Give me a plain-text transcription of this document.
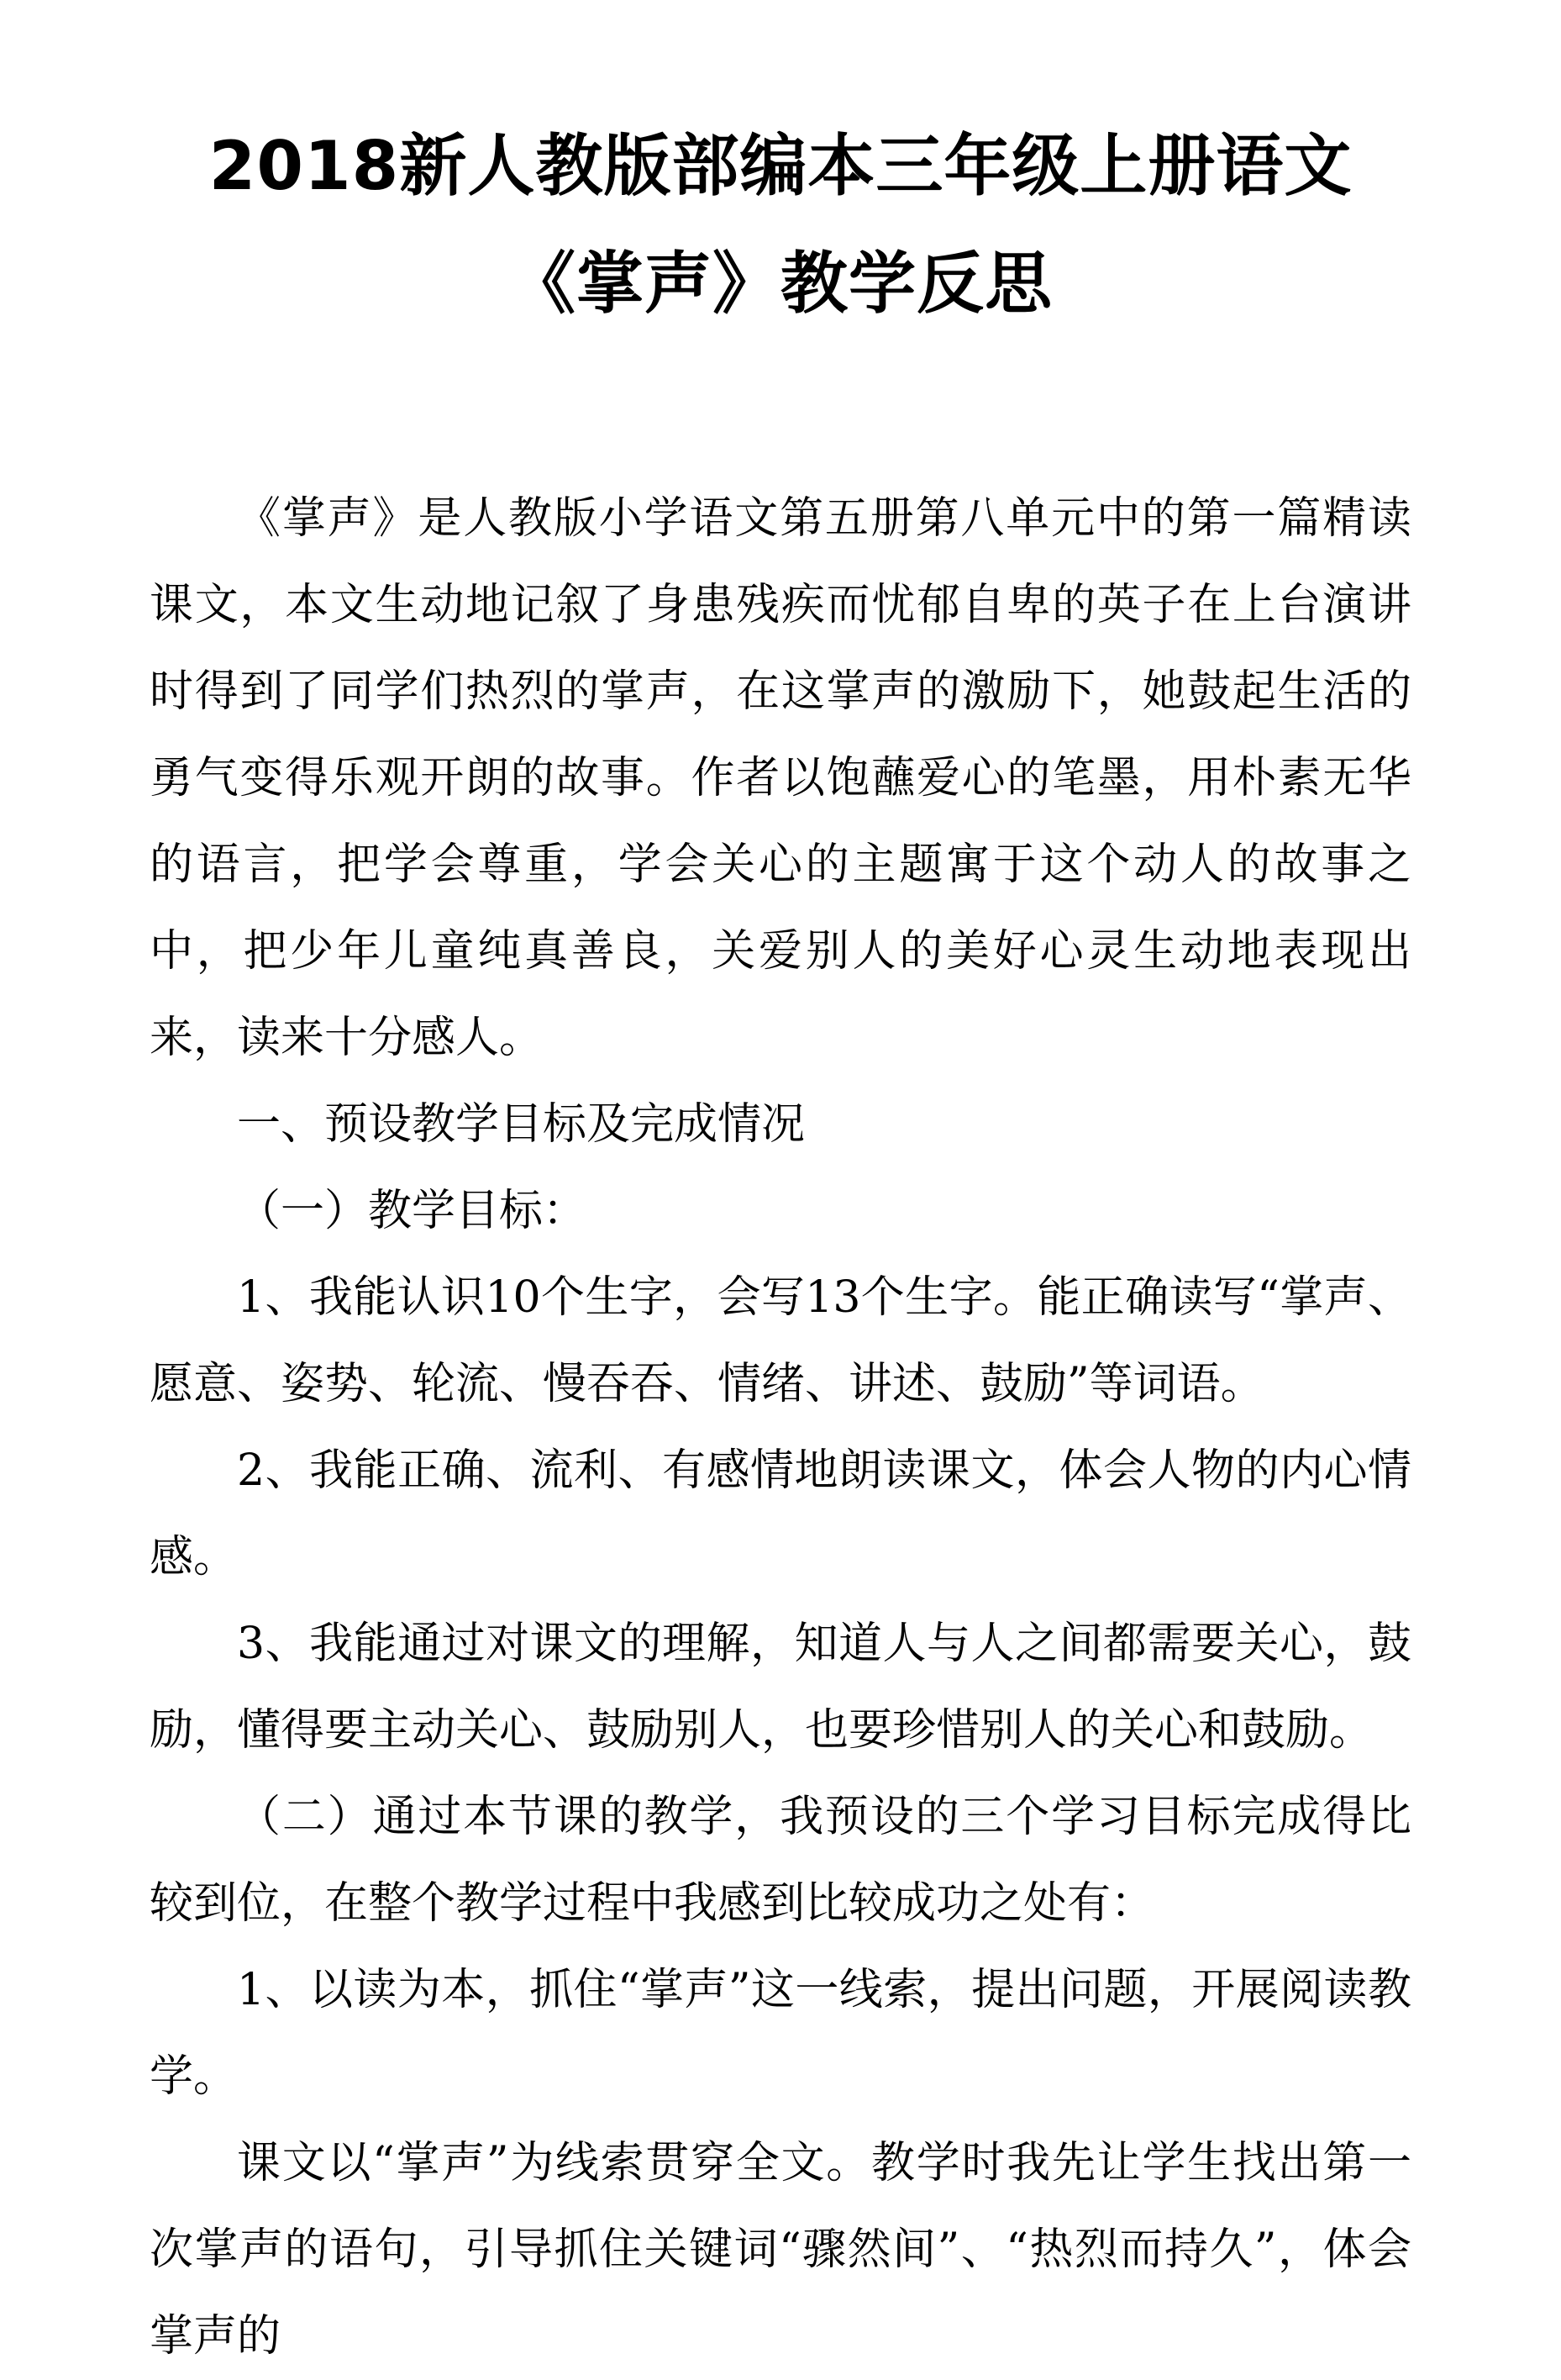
2018新人教版部编本三年级上册语文《掌声》教学反思

《掌声》是人教版小学语文第五册第八单元中的第一篇精读课文，本文生动地记叙了身患残疾而忧郁自卑的英子在上台演讲时得到了同学们热烈的掌声，在这掌声的激励下，她鼓起生活的勇气变得乐观开朗的故事。作者以饱蘸爱心的笔墨，用朴素无华的语言，把学会尊重，学会关心的主题寓于这个动人的故事之中，把少年儿童纯真善良，关爱别人的美好心灵生动地表现出来，读来十分感人。

一、预设教学目标及完成情况

（一）教学目标：

1、我能认识10个生字，会写13个生字。能正确读写“掌声、愿意、姿势、轮流、慢吞吞、情绪、讲述、鼓励”等词语。

2、我能正确、流利、有感情地朗读课文，体会人物的内心情感。

3、我能通过对课文的理解，知道人与人之间都需要关心，鼓励，懂得要主动关心、鼓励别人，也要珍惜别人的关心和鼓励。

（二）通过本节课的教学，我预设的三个学习目标完成得比较到位，在整个教学过程中我感到比较成功之处有：

1、以读为本，抓住“掌声”这一线索，提出问题，开展阅读教学。

课文以“掌声”为线索贯穿全文。教学时我先让学生找出第一次掌声的语句，引导抓住关键词“骤然间”、“热烈而持久”，体会掌声的
